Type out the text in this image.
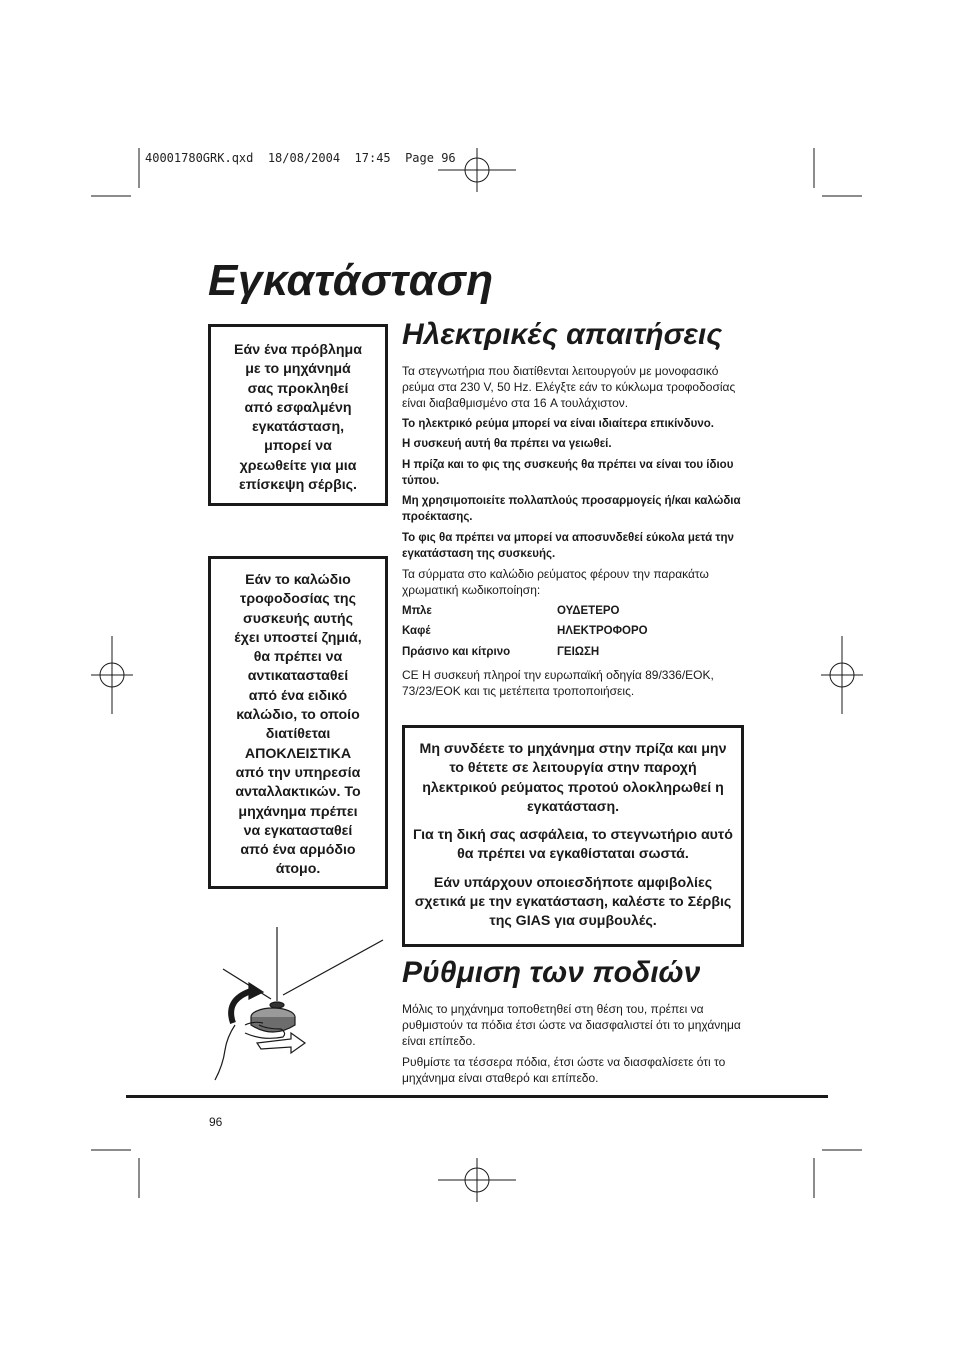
40001780GRK.qxd  18/08/2004  17:45  Page 96
Εγκατάσταση
Εάν ένα πρόβλημα
με το μηχάνημά
σας προκληθεί
από εσφαλμένη
εγκατάσταση,
μπορεί να
χρεωθείτε για μια
επίσκεψη σέρβις.
Εάν το καλώδιο
τροφοδοσίας της
συσκευής αυτής
έχει υποστεί ζημιά,
θα πρέπει να
αντικατασταθεί
από ένα ειδικό
καλώδιο, το οποίο
διατίθεται
ΑΠΟΚΛΕΙΣΤΙΚΑ
από την υπηρεσία
ανταλλακτικών. Το
μηχάνημα πρέπει
να εγκατασταθεί
από ένα αρμόδιο
άτομο.
Ηλεκτρικές απαιτήσεις

Τα στεγνωτήρια που διατίθενται λειτουργούν με μονοφασικό ρεύμα στα 230 V, 50 Hz. Ελέγξτε εάν το κύκλωμα τροφοδοσίας είναι διαβαθμισμένο στα 16 A τουλάχιστον.

Το ηλεκτρικό ρεύμα μπορεί να είναι ιδιαίτερα επικίνδυνο.

Η συσκευή αυτή θα πρέπει να γειωθεί.

Η πρίζα και το φις της συσκευής θα πρέπει να είναι του ίδιου τύπου.

Μη χρησιμοποιείτε πολλαπλούς προσαρμογείς ή/και καλώδια προέκτασης.

Το φις θα πρέπει να μπορεί να αποσυνδεθεί εύκολα μετά την εγκατάσταση της συσκευής.

Τα σύρματα στο καλώδιο ρεύματος φέρουν την παρακάτω χρωματική κωδικοποίηση:

Μπλε	ΟΥΔΕΤΕΡΟ
Καφέ	ΗΛΕΚΤΡΟΦΟΡΟ
Πράσινο και κίτρινο	ΓΕΙΩΣΗ

CE Η συσκευή πληροί την ευρωπαϊκή οδηγία 89/336/ΕΟΚ, 73/23/ΕΟΚ και τις μετέπειτα τροποποιήσεις.

Μη συνδέετε το μηχάνημα στην πρίζα και μην το θέτετε σε λειτουργία στην παροχή ηλεκτρικού ρεύματος προτού ολοκληρωθεί η εγκατάσταση.

Για τη δική σας ασφάλεια, το στεγνωτήριο αυτό θα πρέπει να εγκαθίσταται σωστά.

Εάν υπάρχουν οποιεσδήποτε αμφιβολίες σχετικά με την εγκατάσταση, καλέστε το Σέρβις της GIAS για συμβουλές.

Ρύθμιση των ποδιών

Μόλις το μηχάνημα τοποθετηθεί στη θέση του, πρέπει να ρυθμιστούν τα πόδια έτσι ώστε να διασφαλιστεί ότι το μηχάνημα είναι επίπεδο.

Ρυθμίστε τα τέσσερα πόδια, έτσι ώστε να διασφαλίσετε ότι το μηχάνημα είναι σταθερό και επίπεδο.

96
